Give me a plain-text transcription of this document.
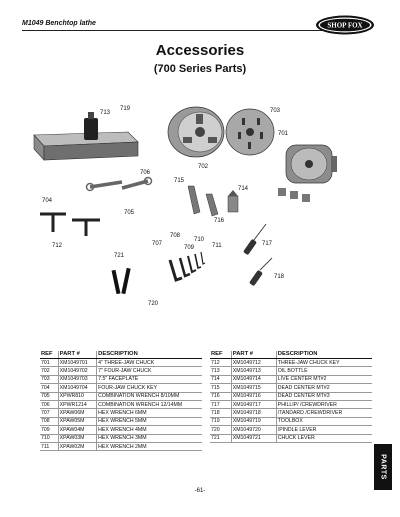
M1049 Benchtop lathe	SHOP FOX
Accessories
(700 Series Parts)
713
719
702
703
701
706
715
714
704
705
716
708
710
707
709	711	717
712
721
718
720
REF	PART #	DESCRIPTION
701	XM1049701	4" THREE-JAW CHUCK
702	XM1049702	7" FOUR-JAW CHUCK
703	XM1049703	7.5" FACEPLATE
704	XM1049704	FOUR-JAW CHUCK KEY
705	XPWR810	COMBINATION WRENCH 8/10MM
706	XPWR1214	COMBINATION WRENCH 12/14MM
707	XPAW06M	HEX WRENCH 6MM
708	XPAW05M	HEX WRENCH 5MM
709	XPAW04M	HEX WRENCH 4MM
710	XPAW03M	HEX WRENCH 3MM
711	XPAW02M	HEX WRENCH 2MM
REF	PART #	DESCRIPTION
712	XM1049712	THREE-JAW CHUCK KEY
713	XM1049713	OIL BOTTLE
714	XM1049714	LIVE CENTER MT#2
715	XM1049715	DEAD CENTER MT#2
716	XM1049716	DEAD CENTER MT#3
717	XM1049717	PHILLIP/ /CREWDRIVER
718	XM1049718	/TANDARD /CREWDRIVER
719	XM1049719	TOOLBOX
720	XM1049720	/PINDLE LEVER
721	XM1049721	CHUCK LEVER
PARTS
-61-
